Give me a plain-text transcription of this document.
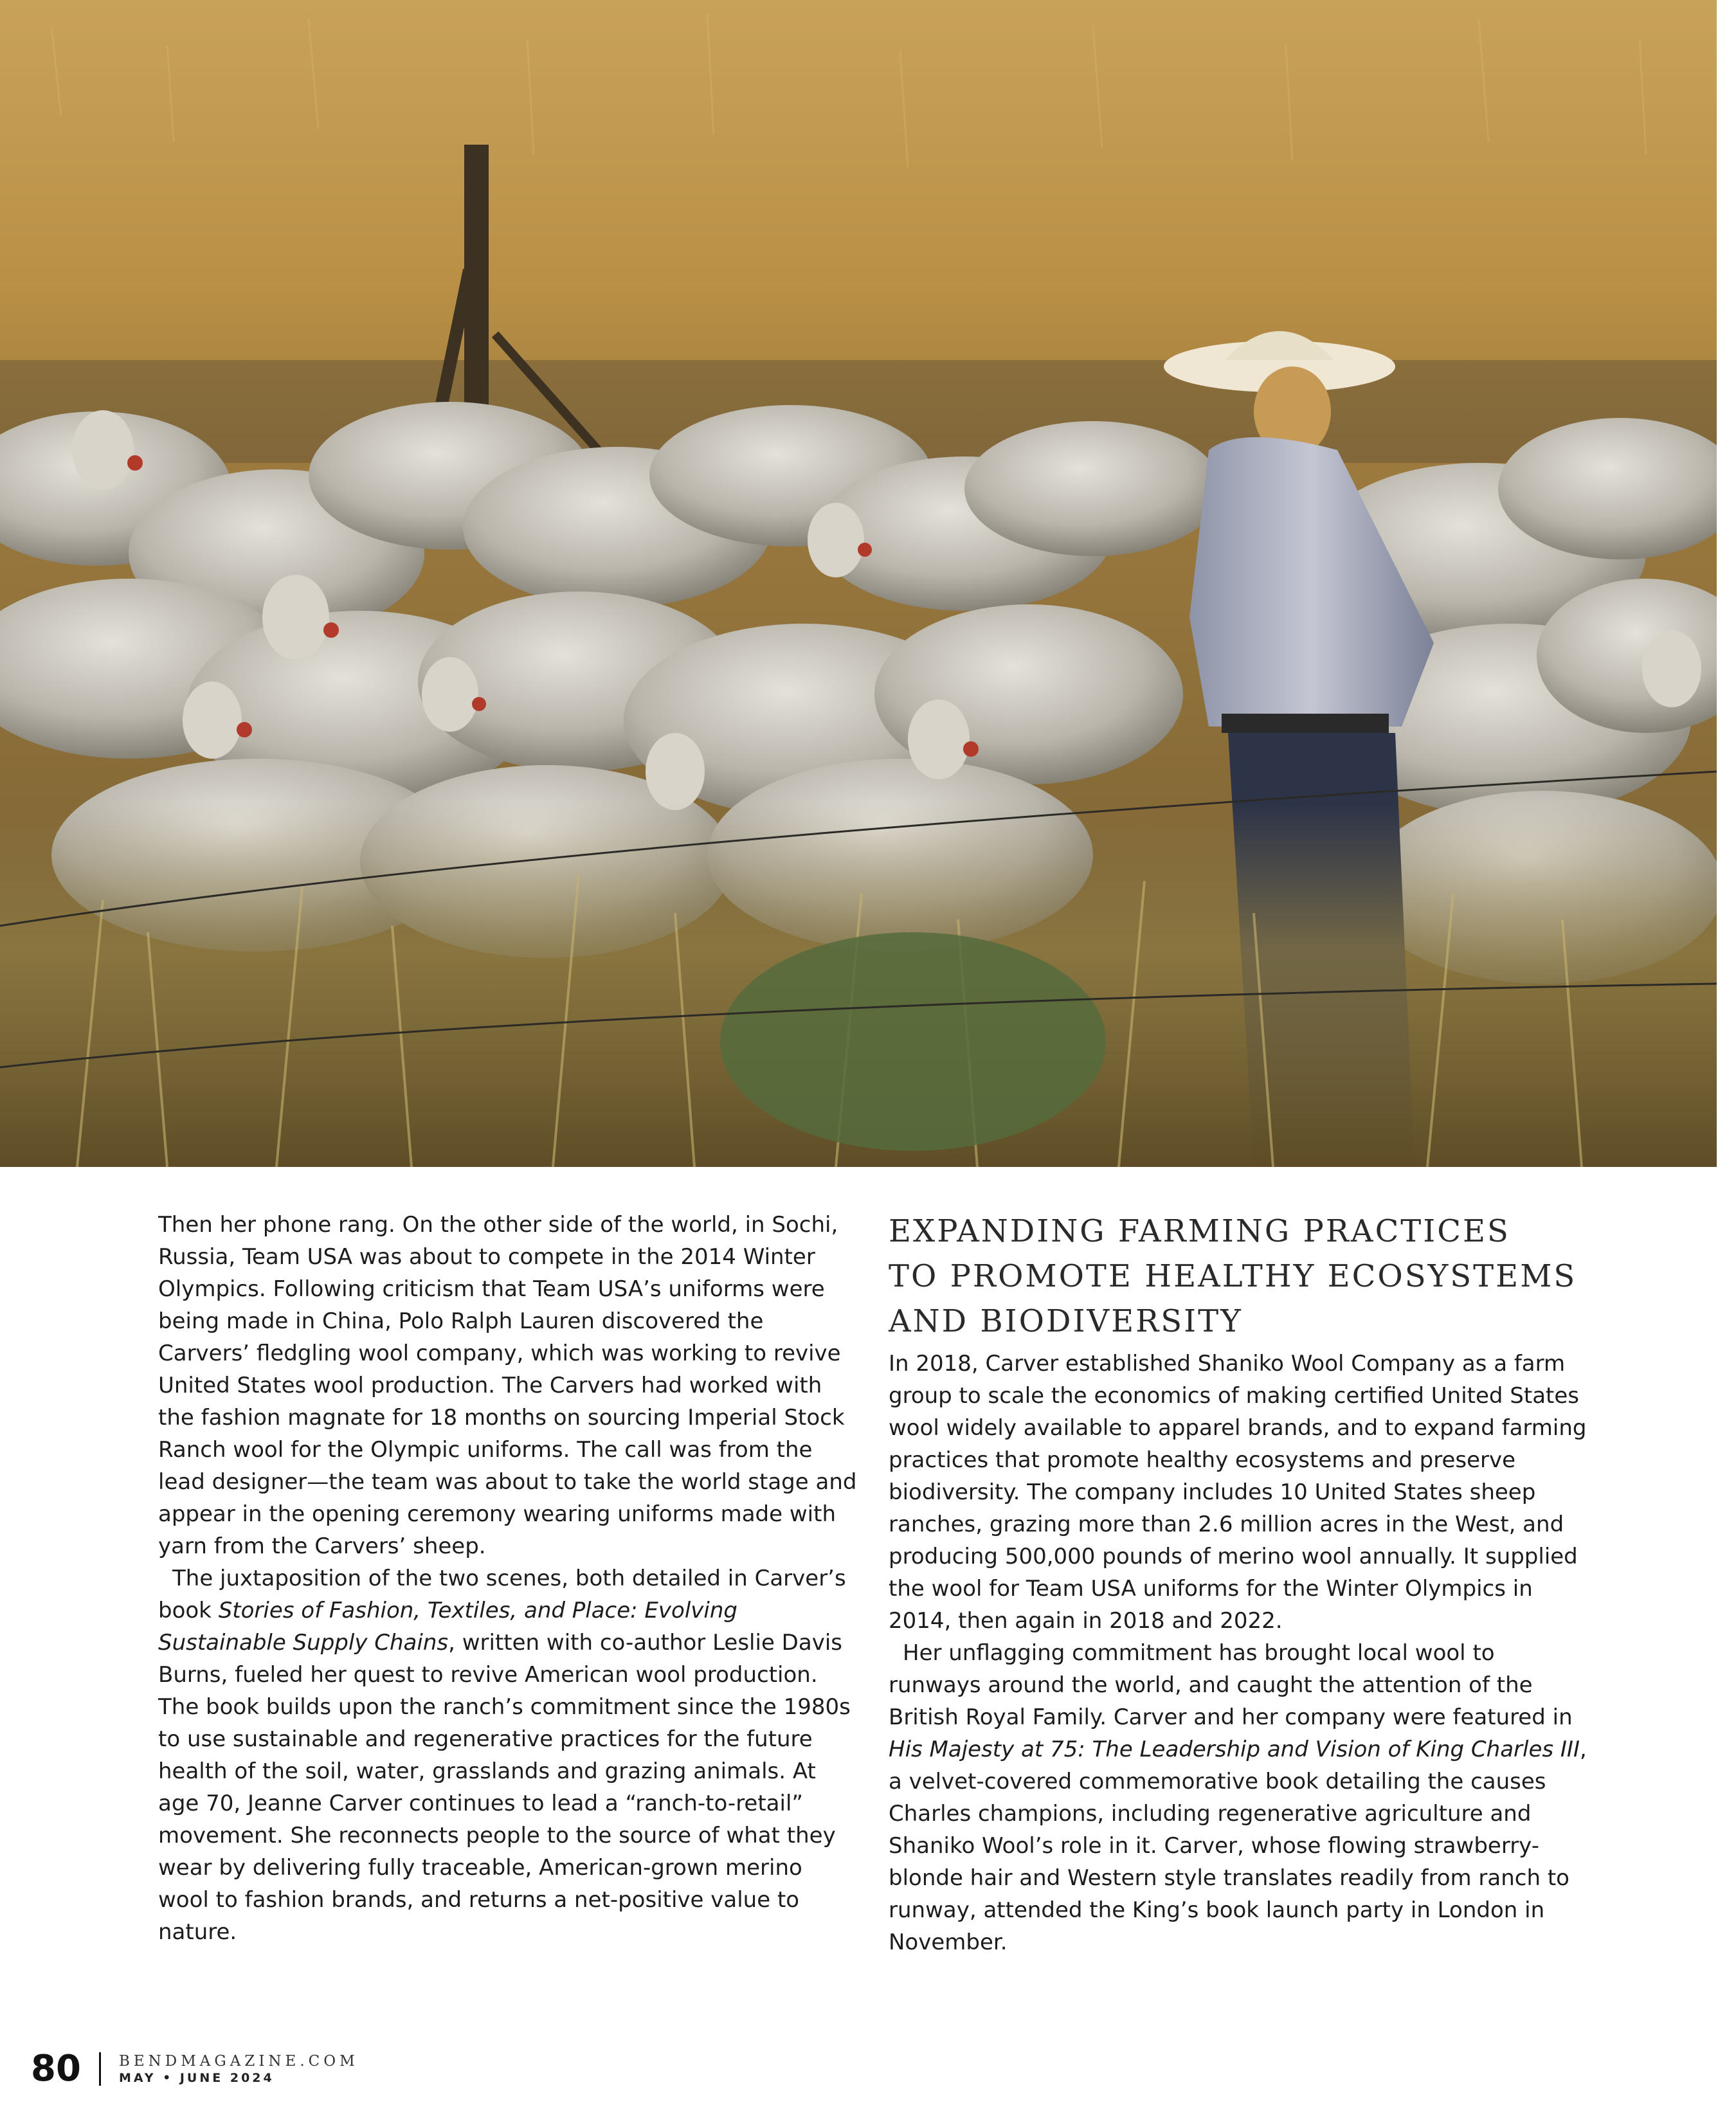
Then her phone rang. On the other side of the world, in Sochi, Russia, Team USA was about to compete in the 2014 Winter Olympics. Following criticism that Team USA’s uniforms were being made in China, Polo Ralph Lauren discovered the Carvers’ fledgling wool company, which was working to revive United States wool production. The Carvers had worked with the fashion magnate for 18 months on sourcing Imperial Stock Ranch wool for the Olympic uniforms. The call was from the lead designer—the team was about to take the world stage and appear in the opening ceremony wearing uniforms made with yarn from the Carvers’ sheep.

The juxtaposition of the two scenes, both detailed in Carver’s book Stories of Fashion, Textiles, and Place: Evolving Sustainable Supply Chains, written with co-author Leslie Davis Burns, fueled her quest to revive American wool production. The book builds upon the ranch’s commitment since the 1980s to use sustainable and regenerative practices for the future health of the soil, water, grasslands and grazing animals. At age 70, Jeanne Carver continues to lead a “ranch-to-retail” movement. She reconnects people to the source of what they wear by delivering fully traceable, American-grown merino wool to fashion brands, and returns a net-positive value to nature.

EXPANDING FARMING PRACTICES
TO PROMOTE HEALTHY ECOSYSTEMS
AND BIODIVERSITY

In 2018, Carver established Shaniko Wool Company as a farm group to scale the economics of making certified United States wool widely available to apparel brands, and to expand farming practices that promote healthy ecosystems and preserve biodiversity. The company includes 10 United States sheep ranches, grazing more than 2.6 million acres in the West, and producing 500,000 pounds of merino wool annually. It supplied the wool for Team USA uniforms for the Winter Olympics in 2014, then again in 2018 and 2022.

Her unflagging commitment has brought local wool to runways around the world, and caught the attention of the British Royal Family. Carver and her company were featured in His Majesty at 75: The Leadership and Vision of King Charles III, a velvet-covered commemorative book detailing the causes Charles champions, including regenerative agriculture and Shaniko Wool’s role in it. Carver, whose flowing strawberry-blonde hair and Western style translates readily from ranch to runway, attended the King’s book launch party in London in November.

80	BENDMAGAZINE.COM
MAY • JUNE 2024
